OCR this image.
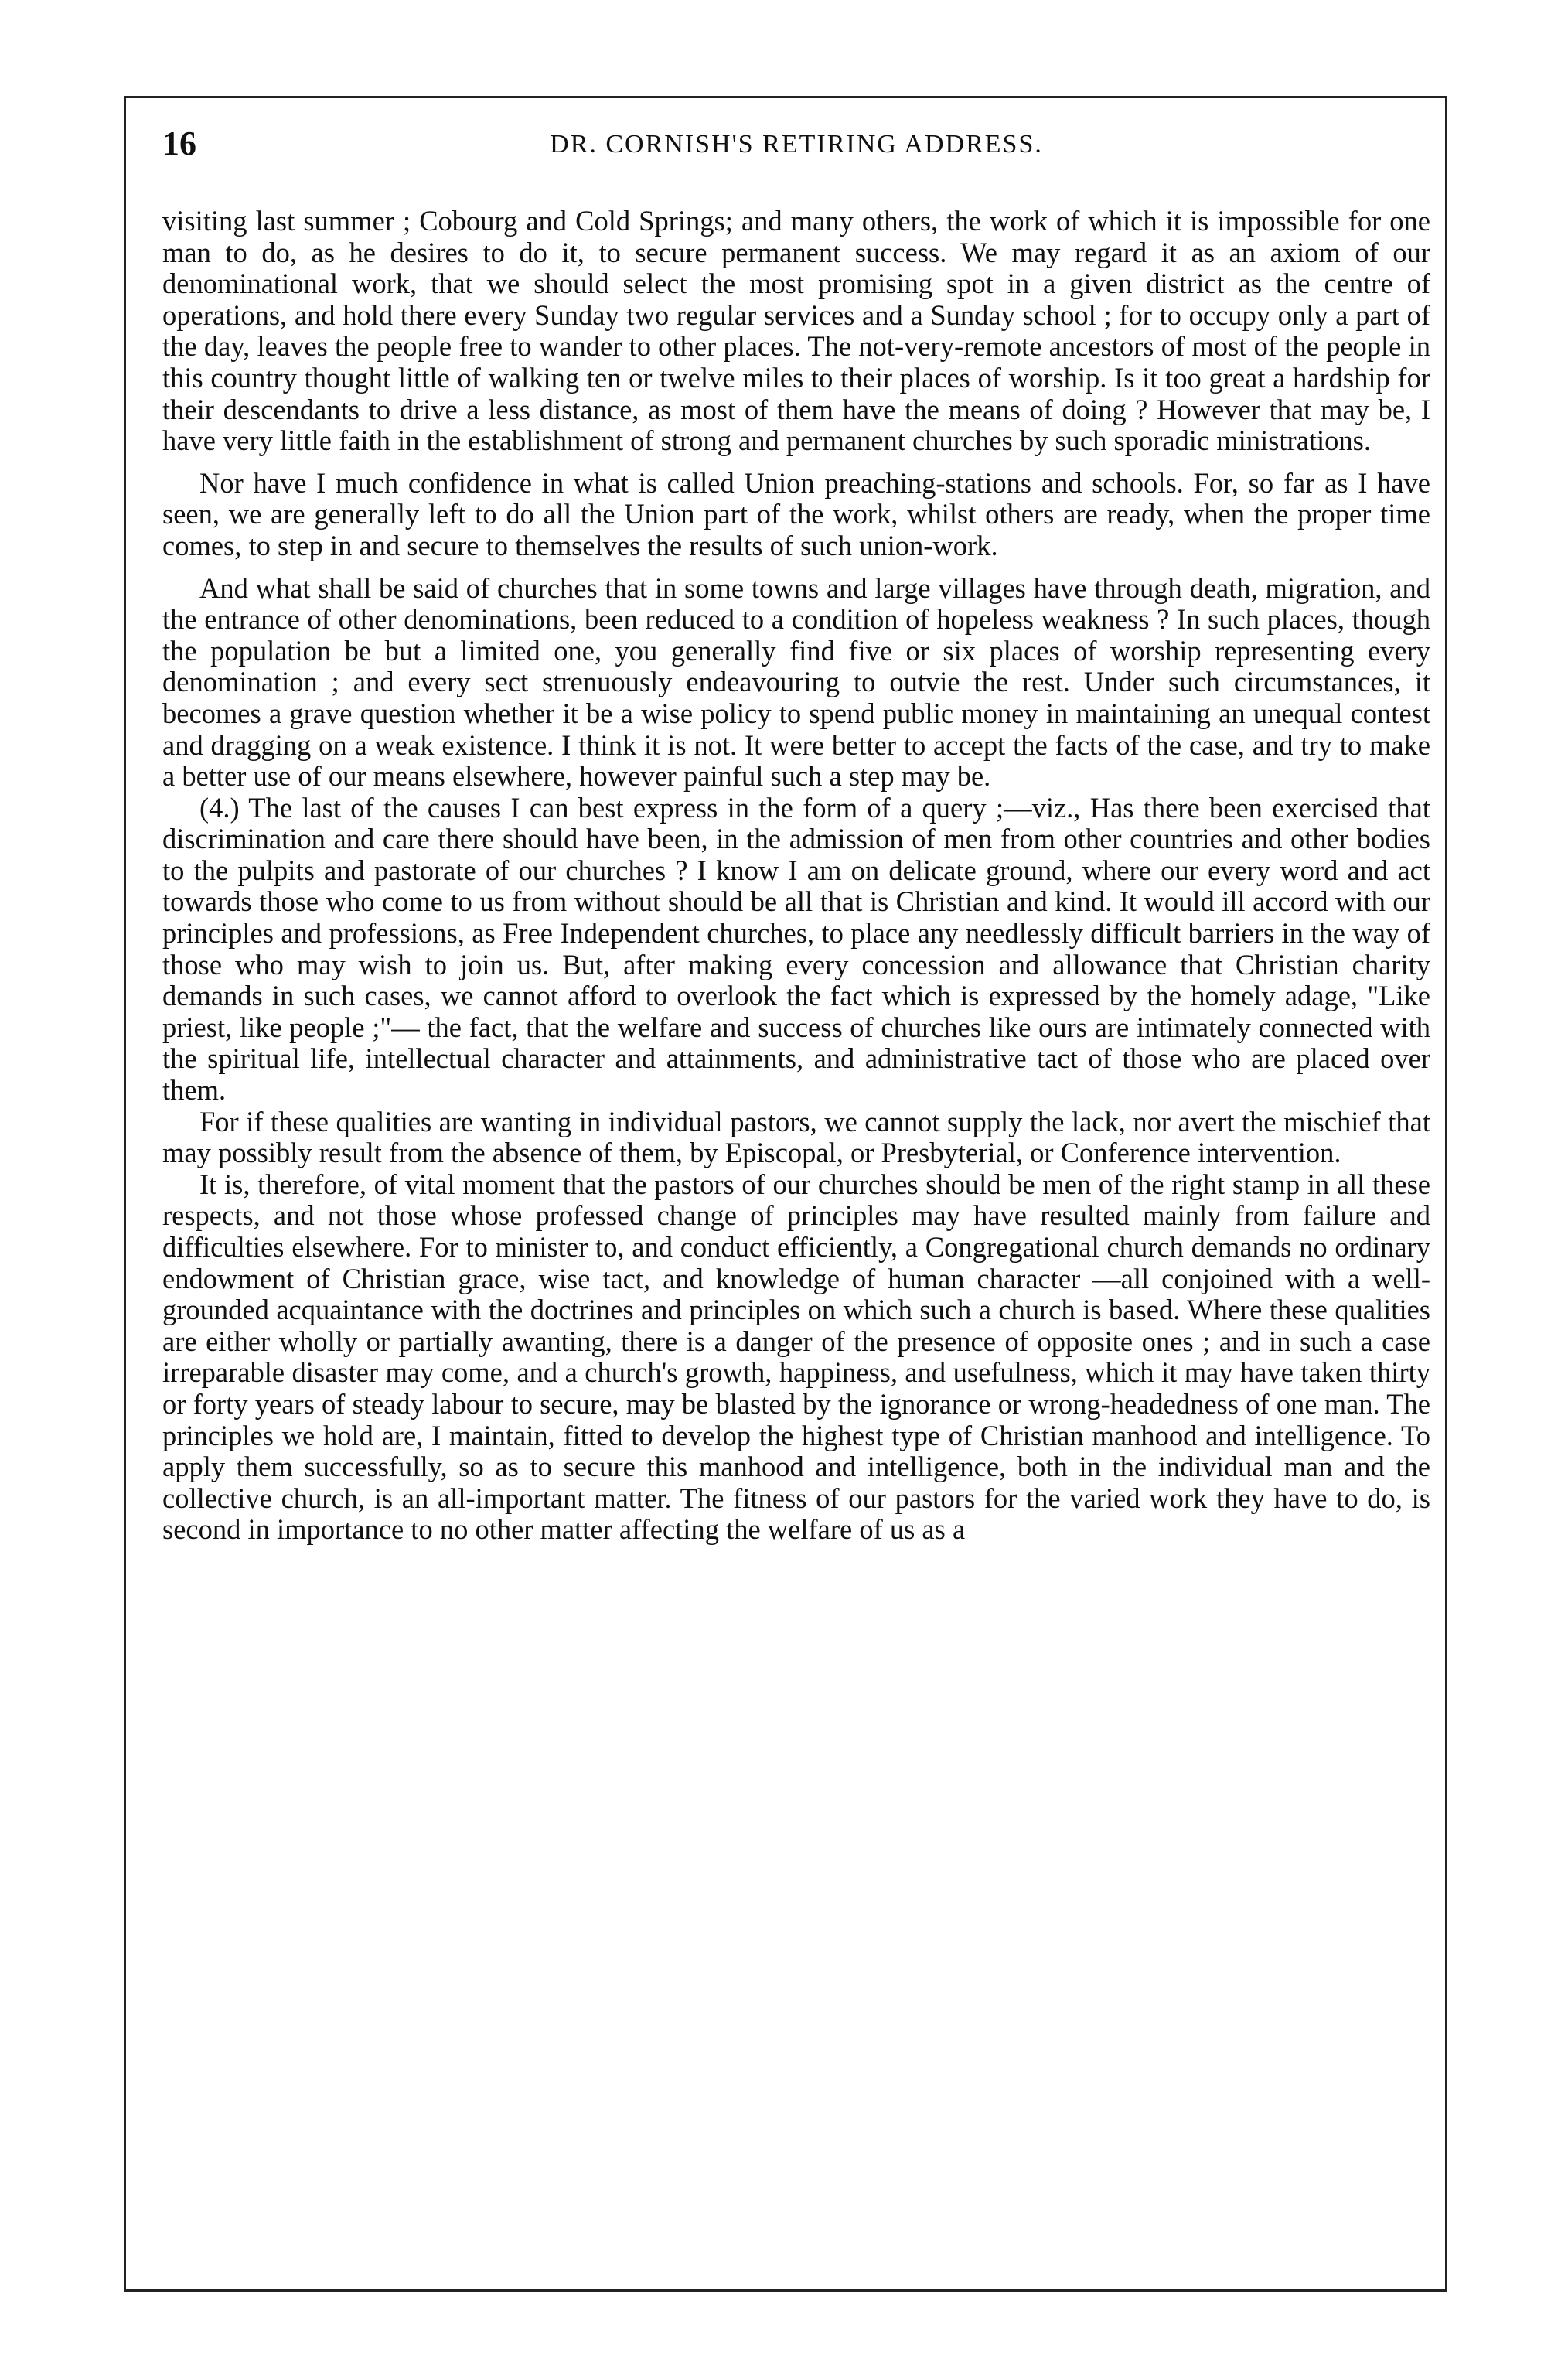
16	DR. CORNISH'S RETIRING ADDRESS.

visiting last summer ; Cobourg and Cold Springs; and many others, the work of which it is impossible for one man to do, as he desires to do it, to secure permanent success. We may regard it as an axiom of our denominational work, that we should select the most promising spot in a given district as the centre of operations, and hold there every Sunday two regular services and a Sunday school ; for to occupy only a part of the day, leaves the people free to wander to other places. The not-very-remote ancestors of most of the people in this country thought little of walking ten or twelve miles to their places of worship. Is it too great a hardship for their descendants to drive a less distance, as most of them have the means of doing ? However that may be, I have very little faith in the establishment of strong and permanent churches by such sporadic ministrations.

Nor have I much confidence in what is called Union preaching-stations and schools. For, so far as I have seen, we are generally left to do all the Union part of the work, whilst others are ready, when the proper time comes, to step in and secure to themselves the results of such union-work.

And what shall be said of churches that in some towns and large villages have through death, migration, and the entrance of other denominations, been reduced to a condition of hopeless weakness ? In such places, though the population be but a limited one, you generally find five or six places of worship representing every denomination ; and every sect strenuously endeavouring to outvie the rest. Under such circumstances, it becomes a grave question whether it be a wise policy to spend public money in maintaining an unequal contest and dragging on a weak existence. I think it is not. It were better to accept the facts of the case, and try to make a better use of our means elsewhere, however painful such a step may be.

(4.) The last of the causes I can best express in the form of a query ;—viz., Has there been exercised that discrimination and care there should have been, in the admission of men from other countries and other bodies to the pulpits and pastorate of our churches ? I know I am on delicate ground, where our every word and act towards those who come to us from without should be all that is Christian and kind. It would ill accord with our principles and professions, as Free Independent churches, to place any needlessly difficult barriers in the way of those who may wish to join us. But, after making every concession and allowance that Christian charity demands in such cases, we cannot afford to overlook the fact which is expressed by the homely adage, "Like priest, like people ;"— the fact, that the welfare and success of churches like ours are intimately connected with the spiritual life, intellectual character and attainments, and administrative tact of those who are placed over them.

For if these qualities are wanting in individual pastors, we cannot supply the lack, nor avert the mischief that may possibly result from the absence of them, by Episcopal, or Presbyterial, or Conference intervention.

It is, therefore, of vital moment that the pastors of our churches should be men of the right stamp in all these respects, and not those whose professed change of principles may have resulted mainly from failure and difficulties elsewhere. For to minister to, and conduct efficiently, a Congregational church demands no ordinary endowment of Christian grace, wise tact, and knowledge of human character —all conjoined with a well-grounded acquaintance with the doctrines and principles on which such a church is based. Where these qualities are either wholly or partially awanting, there is a danger of the presence of opposite ones ; and in such a case irreparable disaster may come, and a church's growth, happiness, and usefulness, which it may have taken thirty or forty years of steady labour to secure, may be blasted by the ignorance or wrong-headedness of one man. The principles we hold are, I maintain, fitted to develop the highest type of Christian manhood and intelligence. To apply them successfully, so as to secure this manhood and intelligence, both in the individual man and the collective church, is an all-important matter. The fitness of our pastors for the varied work they have to do, is second in importance to no other matter affecting the welfare of us as a
